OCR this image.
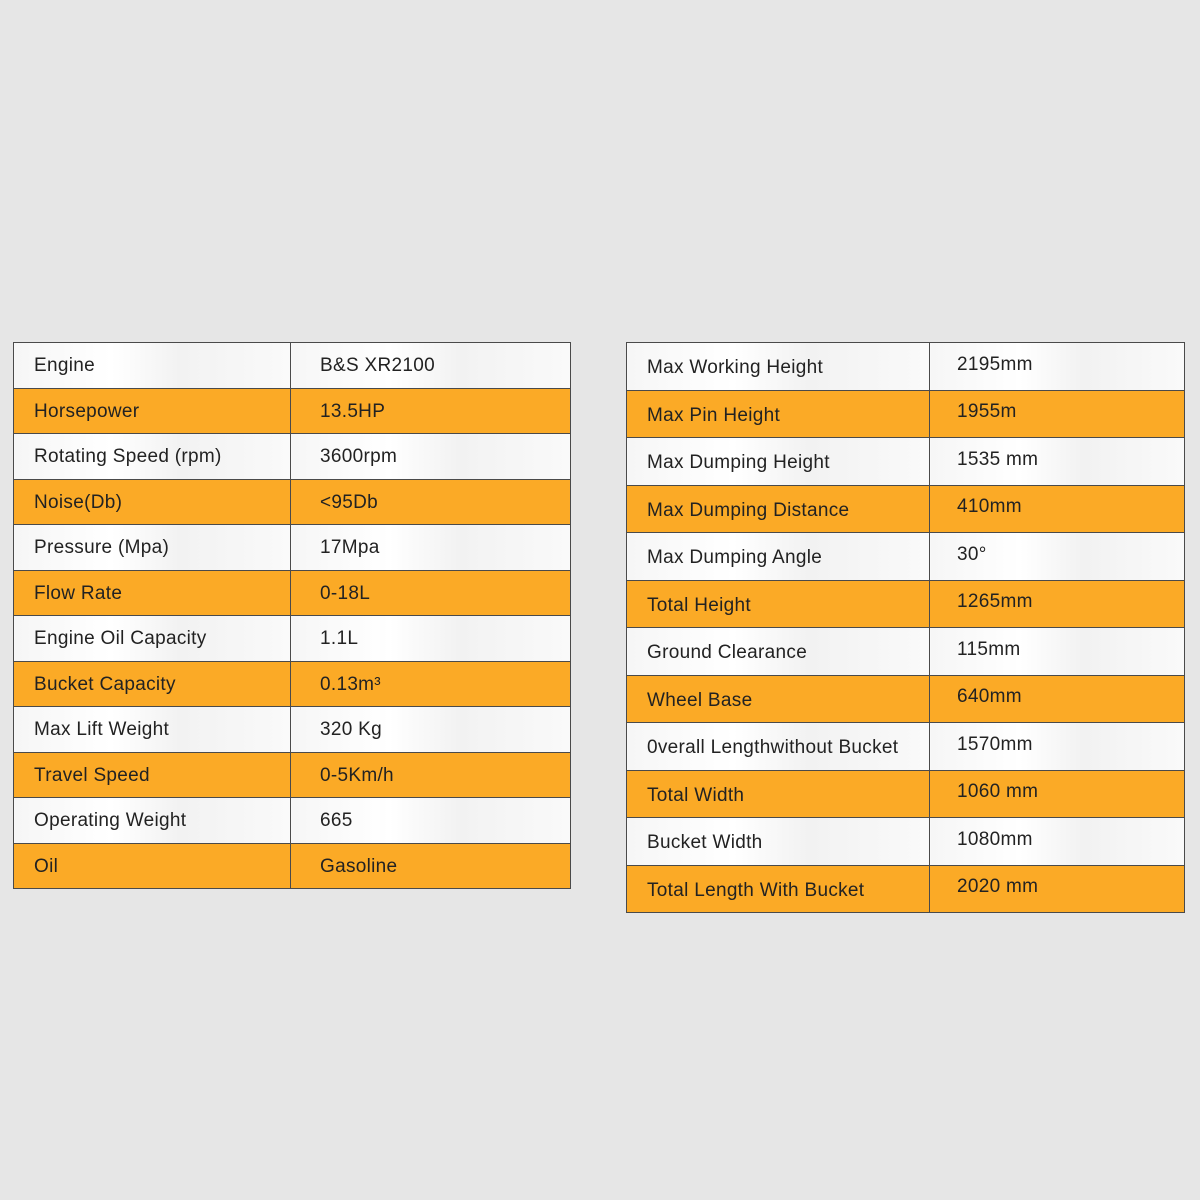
Engine	B&S XR2100
Horsepower	13.5HP
Rotating Speed (rpm)	3600rpm
Noise(Db)	<95Db
Pressure (Mpa)	17Mpa
Flow Rate	0-18L
Engine Oil Capacity	1.1L
Bucket Capacity	0.13m³
Max Lift Weight	320 Kg
Travel Speed	0-5Km/h
Operating Weight	665
Oil	Gasoline
Max Working Height	2195mm
Max Pin Height	1955m
Max Dumping Height	1535 mm
Max Dumping Distance	410mm
Max Dumping Angle	30°
Total Height	1265mm
Ground Clearance	115mm
Wheel Base	640mm
0verall Lengthwithout Bucket	1570mm
Total Width	1060 mm
Bucket Width	1080mm
Total Length With Bucket	2020 mm
